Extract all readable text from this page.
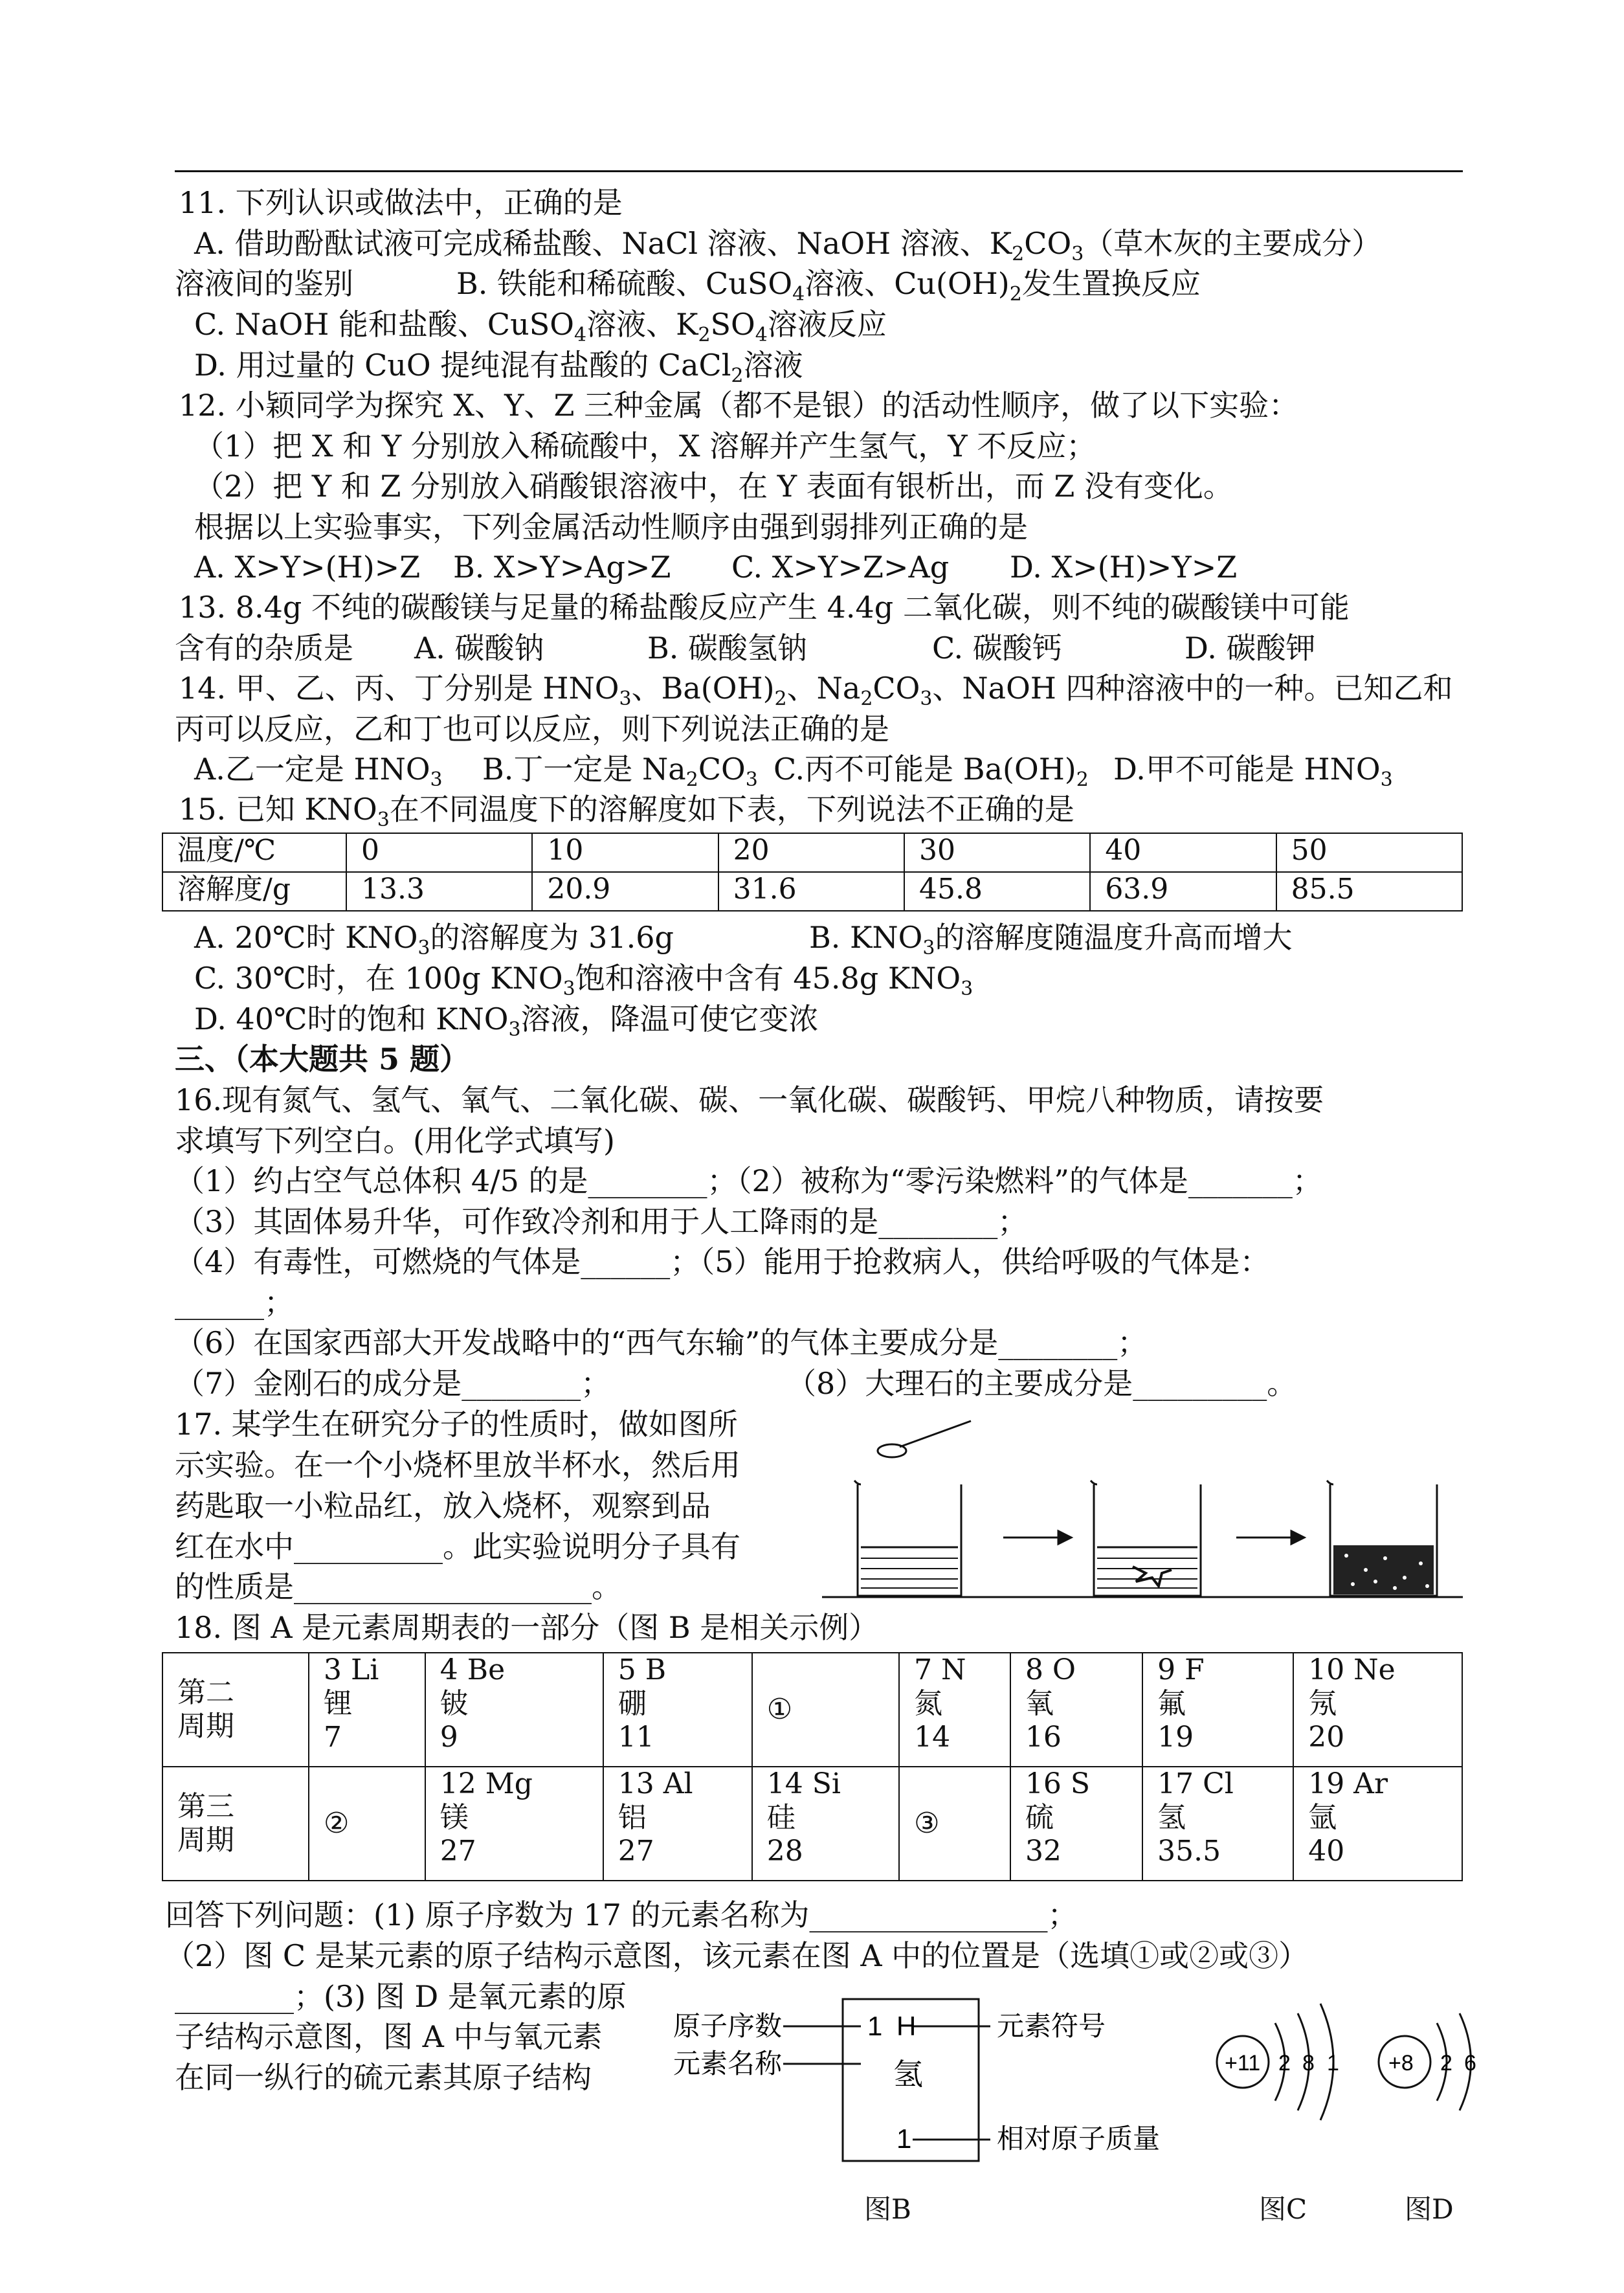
11. 下列认识或做法中，正确的是
A. 借助酚酞试液可完成稀盐酸、NaCl 溶液、NaOH 溶液、$K_2CO_3$（草木灰的主要成分）
溶液间的鉴别	B. 铁能和稀硫酸、CuSO$_4$溶液、$Cu(OH)_2$发生置换反应
C. NaOH 能和盐酸、CuSO$_4$溶液、$K_2SO_4$溶液反应
D. 用过量的 CuO 提纯混有盐酸的 CaCl$_2$溶液
12. 小颖同学为探究 X、Y、Z 三种金属（都不是银）的活动性顺序，做了以下实验：
（1）把 X 和 Y 分别放入稀硫酸中，X 溶解并产生氢气，Y 不反应；
（2）把 Y 和 Z 分别放入硝酸银溶液中，在 Y 表面有银析出，而 Z 没有变化。
根据以上实验事实，下列金属活动性顺序由强到弱排列正确的是
A. X>Y>(H)>Z B. X>Y>Ag>Z C. X>Y>Z>Ag D. X>(H)>Y>Z
13. 8.4g 不纯的碳酸镁与足量的稀盐酸反应产生 4.4g 二氧化碳，则不纯的碳酸镁中可能
含有的杂质是 A. 碳酸钠	B. 碳酸氢钠	C. 碳酸钙	D. 碳酸钾
14. 甲、乙、丙、丁分别是 $HNO_3$、$Ba(OH)_2$、$Na_2CO_3$、NaOH 四种溶液中的一种。已知乙和
丙可以反应，乙和丁也可以反应，则下列说法正确的是
A.乙一定是 $HNO_3$ B.丁一定是 $Na_2CO_3$ C.丙不可能是 $Ba(OH)_2$ D.甲不可能是 $HNO_3$
15. 已知 $KNO_3$在不同温度下的溶解度如下表，下列说法不正确的是
温度/℃	0	10	20	30	40	50
溶解度/g	13.3	20.9	31.6	45.8	63.9	85.5
A. 20℃时 $KNO_3$的溶解度为 31.6g	B. $KNO_3$的溶解度随温度升高而增大
C. 30℃时，在 100g $KNO_3$饱和溶液中含有 45.8g $KNO_3$
D. 40℃时的饱和 $KNO_3$溶液，降温可使它变浓
三、（本大题共 5 题）
16.现有氮气、氢气、氧气、二氧化碳、碳、一氧化碳、碳酸钙、甲烷八种物质，请按要
求填写下列空白。(用化学式填写)
（1）约占空气总体积 4/5 的是________；（2）被称为“零污染燃料”的气体是_______；
（3）其固体易升华，可作致冷剂和用于人工降雨的是________；
（4）有毒性，可燃烧的气体是______；（5）能用于抢救病人，供给呼吸的气体是：
______；
（6）在国家西部大开发战略中的“西气东输”的气体主要成分是________；
（7）金刚石的成分是________；	（8）大理石的主要成分是_________。
17. 某学生在研究分子的性质时，做如图所
示实验。在一个小烧杯里放半杯水，然后用
药匙取一小粒品红，放入烧杯，观察到品
红在水中__________。此实验说明分子具有
的性质是____________________。
18. 图 A 是元素周期表的一部分（图 B 是相关示例）
第二
周期	3 Li
锂
7	4 Be
铍
9	5 B
硼
11	①	7 N
氮
14	8 O
氧
16	9 F
氟
19	10 Ne
氖
20
第三
周期	②	12 Mg
镁
27	13 Al
铝
27	14 Si
硅
28	③	16 S
硫
32	17 Cl
氢
35.5	19 Ar
氩
40
回答下列问题：(1) 原子序数为 17 的元素名称为________________；
（2）图 C 是某元素的原子结构示意图，该元素在图 A 中的位置是（选填①或②或③）
________；(3) 图 D 是氧元素的原
子结构示意图，图 A 中与氧元素
在同一纵行的硫元素其原子结构
原子序数
元素名称
元素符号
相对原子质量
1 H
氢
1
图B
+11 2 8 1
图C
+8 2 6
图D
